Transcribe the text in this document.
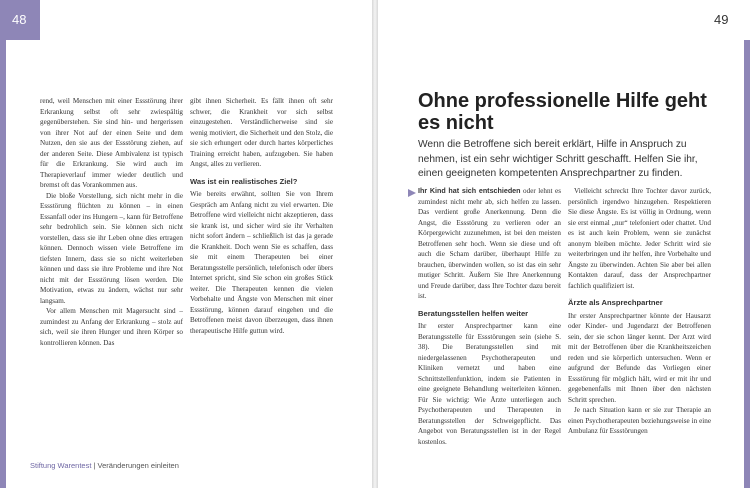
48

rend, weil Menschen mit einer Essstörung ihrer Erkrankung selbst oft sehr zwiespältig gegenüberstehen. Sie sind hin- und hergerissen von ihrer Not auf der einen Seite und dem Nutzen, den sie aus der Essstörung ziehen, auf der anderen Seite. Diese Ambivalenz ist typisch für die Erkrankung. Sie wird auch im Therapieverlauf immer wieder deutlich und bremst oft das Vorankommen aus.

Die bloße Vorstellung, sich nicht mehr in die Essstörung flüchten zu können – in einen Essanfall oder ins Hungern –, kann für Betroffene sehr bedrohlich sein. Sie können sich nicht vorstellen, dass sie ihr Leben ohne dies ertragen können. Dennoch wissen viele Betroffene im tiefsten Innern, dass sie so nicht weiterleben können und dass sie ihre Probleme und ihre Not nicht mit der Essstörung lösen werden. Die Motivation, etwas zu ändern, wächst nur sehr langsam.

Vor allem Menschen mit Magersucht sind – zumindest zu Anfang der Erkrankung – stolz auf sich, weil sie ihren Hunger und ihren Körper so kontrollieren können. Das

gibt ihnen Sicherheit. Es fällt ihnen oft sehr schwer, die Krankheit vor sich selbst einzugestehen. Verständlicherweise sind sie wenig motiviert, die Sicherheit und den Stolz, die sie sich erhungert oder durch hartes körperliches Training erreicht haben, aufzugeben. Sie haben Angst, alles zu verlieren.

Was ist ein realistisches Ziel?

Wie bereits erwähnt, sollten Sie von Ihrem Gespräch am Anfang nicht zu viel erwarten. Die Betroffene wird vielleicht nicht akzeptieren, dass sie krank ist, und sicher wird sie ihr Verhalten nicht sofort ändern – schließlich ist das ja gerade die Krankheit. Doch wenn Sie es schaffen, dass sie mit einem Therapeuten bei einer Beratungsstelle persönlich, telefonisch oder übers Internet spricht, sind Sie schon ein großes Stück weiter. Die Therapeuten kennen die vielen Vorbehalte und Ängste von Menschen mit einer Essstörung, können darauf eingehen und die Betroffenen meist davon überzeugen, dass ihnen therapeutische Hilfe guttun wird.

Stiftung Warentest | Veränderungen einleiten
49
Ohne professionelle Hilfe geht es nicht
Wenn die Betroffene sich bereit erklärt, Hilfe in Anspruch zu nehmen, ist ein sehr wichtiger Schritt geschafft. Helfen Sie ihr, einen geeigneten kompetenten Ansprechpartner zu finden.

Ihr Kind hat sich entschieden oder lehnt es zumindest nicht mehr ab, sich helfen zu lassen. Das verdient große Anerkennung. Denn die Angst, die Essstörung zu verlieren oder an Körpergewicht zuzunehmen, ist bei den meisten Betroffenen sehr hoch. Wenn sie diese und oft auch die Scham darüber, überhaupt Hilfe zu brauchen, überwinden wollen, so ist das ein sehr mutiger Schritt. Äußern Sie Ihre Anerkennung und Freude darüber, dass Ihre Tochter dazu bereit ist.

Beratungsstellen helfen weiter

Ihr erster Ansprechpartner kann eine Beratungsstelle für Essstörungen sein (siehe S. 38). Die Beratungsstellen sind mit niedergelassenen Psychotherapeuten und Kliniken vernetzt und haben eine Schnittstellenfunktion, indem sie Patienten in eine geeignete Behandlung weiterleiten können. Für Sie wichtig: Wie Ärzte unterliegen auch Psychotherapeuten und Therapeuten in Beratungsstellen der Schweigepflicht. Das Angebot von Beratungsstellen ist in der Regel kostenlos.

Vielleicht schreckt Ihre Tochter davor zurück, persönlich irgendwo hinzugehen. Respektieren Sie diese Ängste. Es ist völlig in Ordnung, wenn sie erst einmal „nur“ telefoniert oder chattet. Und es ist auch kein Problem, wenn sie zunächst anonym bleiben möchte. Jeder Schritt wird sie weiterbringen und ihr helfen, ihre Vorbehalte und Ängste zu überwinden. Achten Sie aber bei allen Kontakten darauf, dass der Ansprechpartner fachlich qualifiziert ist.

Ärzte als Ansprechpartner

Ihr erster Ansprechpartner könnte der Hausarzt oder Kinder- und Jugendarzt der Betroffenen sein, der sie schon länger kennt. Der Arzt wird mit der Betroffenen über die Krankheitszeichen reden und sie körperlich untersuchen. Wenn er aufgrund der Befunde das Vorliegen einer Essstörung für möglich hält, wird er mit ihr und gegebenenfalls mit Ihnen über den nächsten Schritt sprechen.

Je nach Situation kann er sie zur Therapie an einen Psychotherapeuten beziehungsweise in eine Ambulanz für Essstörungen
